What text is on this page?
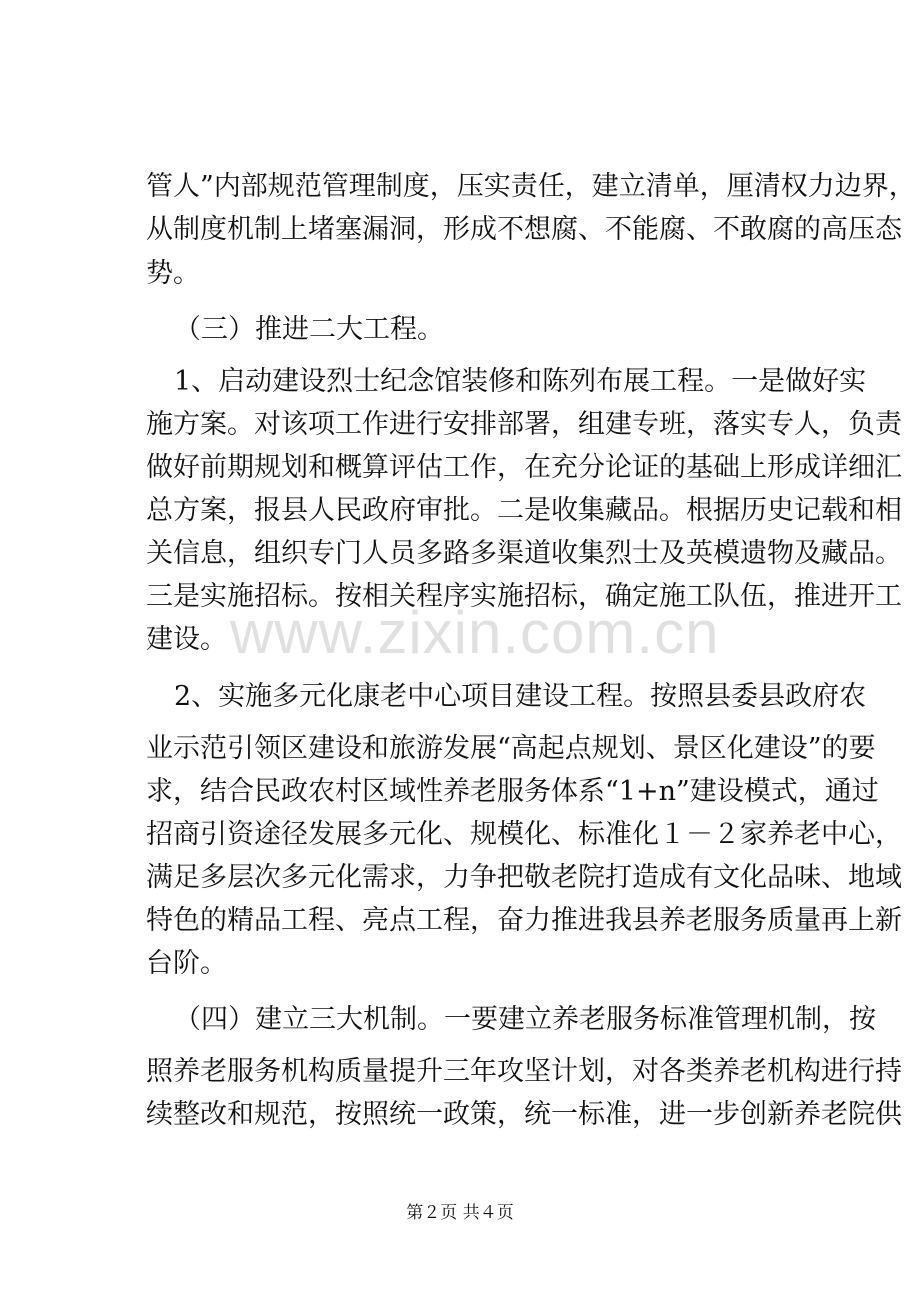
管人”内部规范管理制度，压实责任，建立清单，厘清权力边界，
从制度机制上堵塞漏洞，形成不想腐、不能腐、不敢腐的高压态
势。
（三）推进二大工程。
1、启动建设烈士纪念馆装修和陈列布展工程。一是做好实
施方案。对该项工作进行安排部署，组建专班，落实专人，负责
做好前期规划和概算评估工作，在充分论证的基础上形成详细汇
总方案，报县人民政府审批。二是收集藏品。根据历史记载和相
关信息，组织专门人员多路多渠道收集烈士及英模遗物及藏品。
三是实施招标。按相关程序实施招标，确定施工队伍，推进开工
建设。
2、实施多元化康老中心项目建设工程。按照县委县政府农
业示范引领区建设和旅游发展“高起点规划、景区化建设”的要
求，结合民政农村区域性养老服务体系“1+n”建设模式，通过
招商引资途径发展多元化、规模化、标准化１－２家养老中心，
满足多层次多元化需求，力争把敬老院打造成有文化品味、地域
特色的精品工程、亮点工程，奋力推进我县养老服务质量再上新
台阶。
（四）建立三大机制。一要建立养老服务标准管理机制，按
照养老服务机构质量提升三年攻坚计划，对各类养老机构进行持
续整改和规范，按照统一政策，统一标准，进一步创新养老院供
www.zixin.com.cn
第２页 共４页
